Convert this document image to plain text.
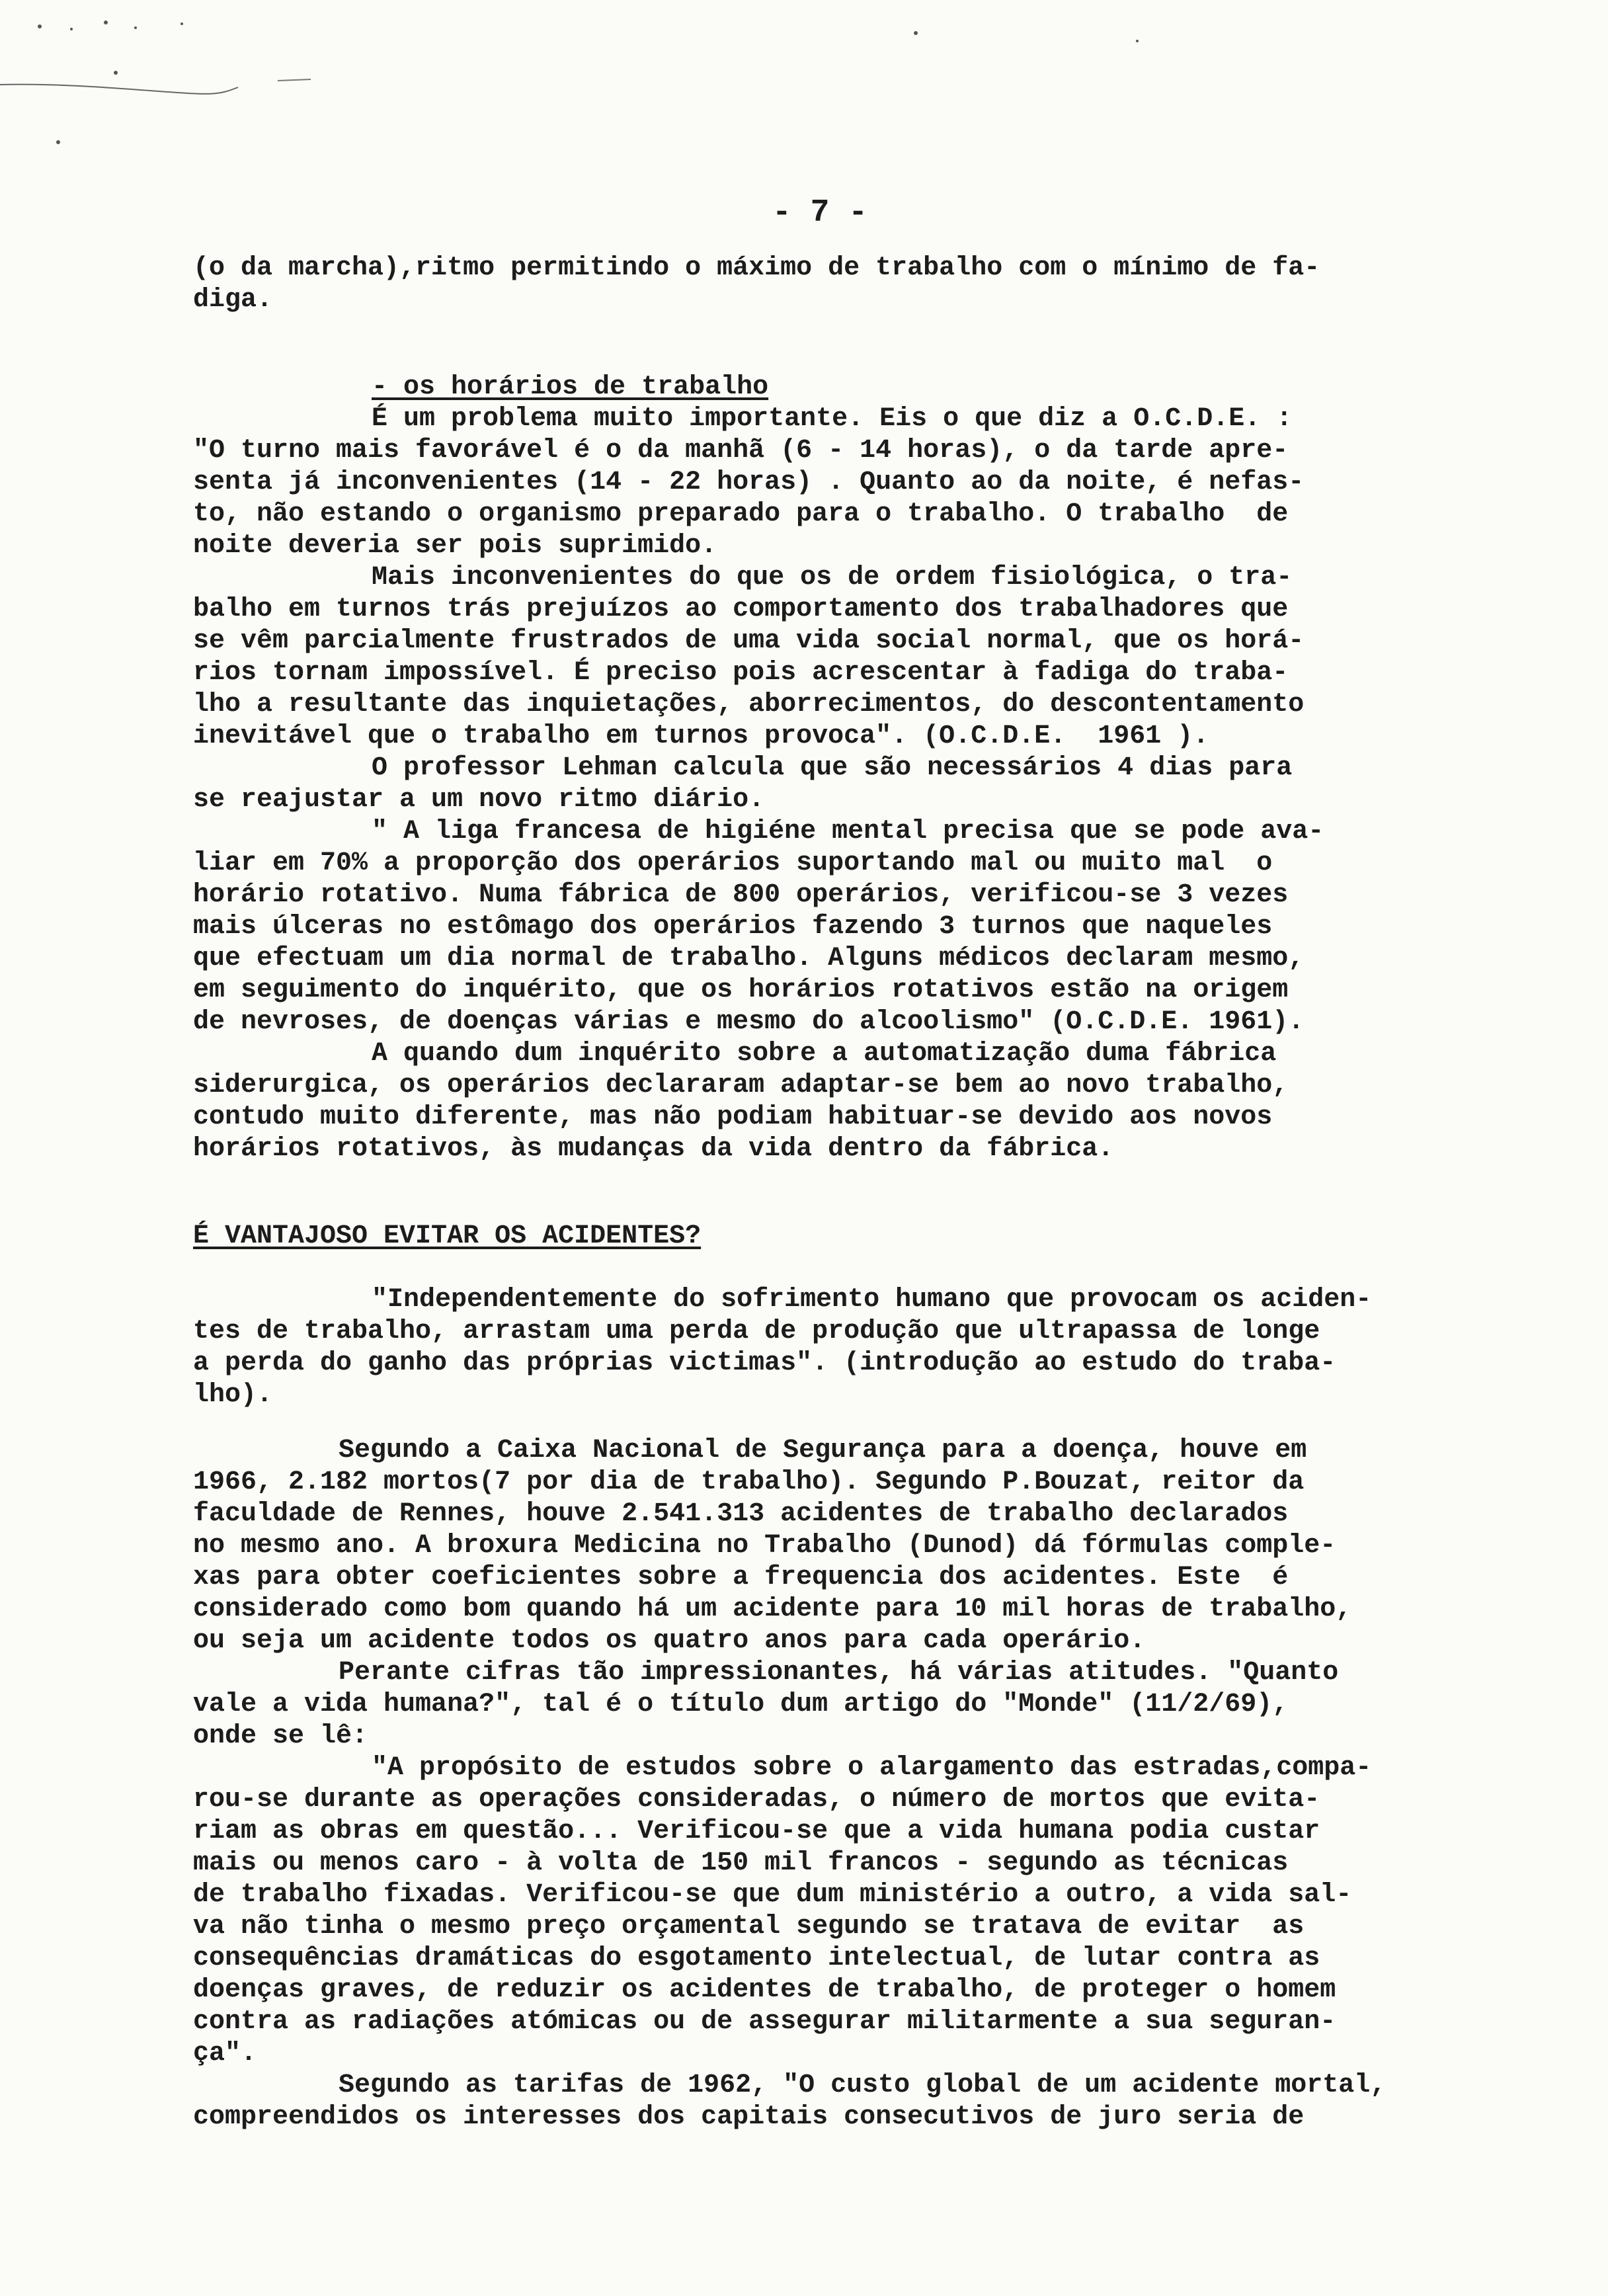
- 7 -

(o da marcha),ritmo permitindo o máximo de trabalho com o mínimo de fa-

diga.

- os horários de trabalho

É um problema muito importante. Eis o que diz a O.C.D.E. :

"O turno mais favorável é o da manhã (6 - 14 horas), o da tarde apre-

senta já inconvenientes (14 - 22 horas) . Quanto ao da noite, é nefas-

to, não estando o organismo preparado para o trabalho. O trabalho  de

noite deveria ser pois suprimido.

Mais inconvenientes do que os de ordem fisiológica, o tra-

balho em turnos trás prejuízos ao comportamento dos trabalhadores que

se vêm parcialmente frustrados de uma vida social normal, que os horá-

rios tornam impossível. É preciso pois acrescentar à fadiga do traba-

lho a resultante das inquietações, aborrecimentos, do descontentamento

inevitável que o trabalho em turnos provoca". (O.C.D.E.  1961 ).

O professor Lehman calcula que são necessários 4 dias para

se reajustar a um novo ritmo diário.

" A liga francesa de higiéne mental precisa que se pode ava-

liar em 70% a proporção dos operários suportando mal ou muito mal  o

horário rotativo. Numa fábrica de 800 operários, verificou-se 3 vezes

mais úlceras no estômago dos operários fazendo 3 turnos que naqueles

que efectuam um dia normal de trabalho. Alguns médicos declaram mesmo,

em seguimento do inquérito, que os horários rotativos estão na origem

de nevroses, de doenças várias e mesmo do alcoolismo" (O.C.D.E. 1961).

A quando dum inquérito sobre a automatização duma fábrica

siderurgica, os operários declararam adaptar-se bem ao novo trabalho,

contudo muito diferente, mas não podiam habituar-se devido aos novos

horários rotativos, às mudanças da vida dentro da fábrica.

É VANTAJOSO EVITAR OS ACIDENTES?

"Independentemente do sofrimento humano que provocam os aciden-

tes de trabalho, arrastam uma perda de produção que ultrapassa de longe

a perda do ganho das próprias victimas". (introdução ao estudo do traba-

lho).

Segundo a Caixa Nacional de Segurança para a doença, houve em

1966, 2.182 mortos(7 por dia de trabalho). Segundo P.Bouzat, reitor da

faculdade de Rennes, houve 2.541.313 acidentes de trabalho declarados

no mesmo ano. A broxura Medicina no Trabalho (Dunod) dá fórmulas comple-

xas para obter coeficientes sobre a frequencia dos acidentes. Este  é

considerado como bom quando há um acidente para 10 mil horas de trabalho,

ou seja um acidente todos os quatro anos para cada operário.

Perante cifras tão impressionantes, há várias atitudes. "Quanto

vale a vida humana?", tal é o título dum artigo do "Monde" (11/2/69),

onde se lê:

"A propósito de estudos sobre o alargamento das estradas,compa-

rou-se durante as operações consideradas, o número de mortos que evita-

riam as obras em questão... Verificou-se que a vida humana podia custar

mais ou menos caro - à volta de 150 mil francos - segundo as técnicas

de trabalho fixadas. Verificou-se que dum ministério a outro, a vida sal-

va não tinha o mesmo preço orçamental segundo se tratava de evitar  as

consequências dramáticas do esgotamento intelectual, de lutar contra as

doenças graves, de reduzir os acidentes de trabalho, de proteger o homem

contra as radiações atómicas ou de assegurar militarmente a sua seguran-

ça".

Segundo as tarifas de 1962, "O custo global de um acidente mortal,

compreendidos os interesses dos capitais consecutivos de juro seria de
